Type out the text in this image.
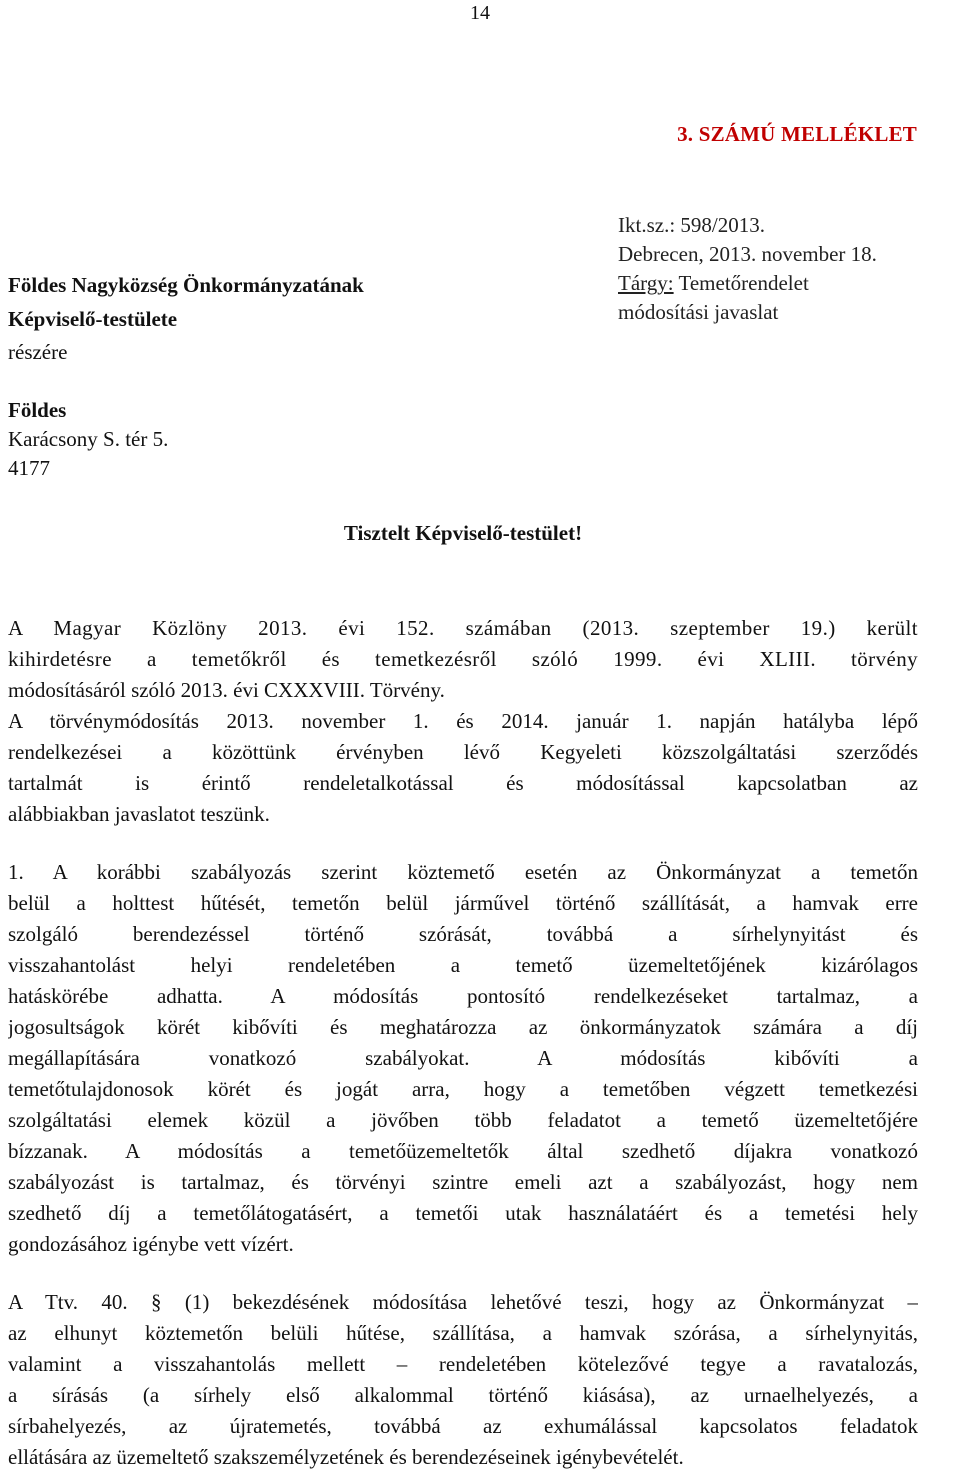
14
3. SZÁMÚ MELLÉKLET
Ikt.sz.: 598/2013.
Debrecen, 2013. november 18.
Tárgy: Temetőrendelet
módosítási javaslat
Földes Nagyközség Önkormányzatának
Képviselő-testülete
részére
Földes
Karácsony S. tér 5.
4177
Tisztelt Képviselő-testület!
A Magyar Közlöny 2013. évi 152. számában (2013. szeptember 19.) került
kihirdetésre a temetőkről és temetkezésről szóló 1999. évi XLIII. törvény
módosításáról szóló 2013. évi CXXXVIII. Törvény.
A törvénymódosítás 2013. november 1. és 2014. január 1. napján hatályba lépő
rendelkezései a közöttünk érvényben lévő Kegyeleti közszolgáltatási szerződés
tartalmát is érintő rendeletalkotással és módosítással kapcsolatban az
alábbiakban javaslatot teszünk.
1. A korábbi szabályozás szerint köztemető esetén az Önkormányzat a temetőn
belül a holttest hűtését, temetőn belül járművel történő szállítását, a hamvak erre
szolgáló berendezéssel történő szórását, továbbá a sírhelynyitást és
visszahantolást helyi rendeletében a temető üzemeltetőjének kizárólagos
hatáskörébe adhatta. A módosítás pontosító rendelkezéseket tartalmaz, a
jogosultságok körét kibővíti és meghatározza az önkormányzatok számára a díj
megállapítására vonatkozó szabályokat. A módosítás kibővíti a
temetőtulajdonosok körét és jogát arra, hogy a temetőben végzett temetkezési
szolgáltatási elemek közül a jövőben több feladatot a temető üzemeltetőjére
bízzanak. A módosítás a temetőüzemeltetők által szedhető díjakra vonatkozó
szabályozást is tartalmaz, és törvényi szintre emeli azt a szabályozást, hogy nem
szedhető díj a temetőlátogatásért, a temetői utak használatáért és a temetési hely
gondozásához igénybe vett vízért.
A Ttv. 40. § (1) bekezdésének módosítása lehetővé teszi, hogy az Önkormányzat –
az elhunyt köztemetőn belüli hűtése, szállítása, a hamvak szórása, a sírhelynyitás,
valamint a visszahantolás mellett – rendeletében kötelezővé tegye a ravatalozás,
a sírásás (a sírhely első alkalommal történő kiásása), az urnaelhelyezés, a
sírbahelyezés, az újratemetés, továbbá az exhumálással kapcsolatos feladatok
ellátására az üzemeltető szakszemélyzetének és berendezéseinek igénybevételét.
